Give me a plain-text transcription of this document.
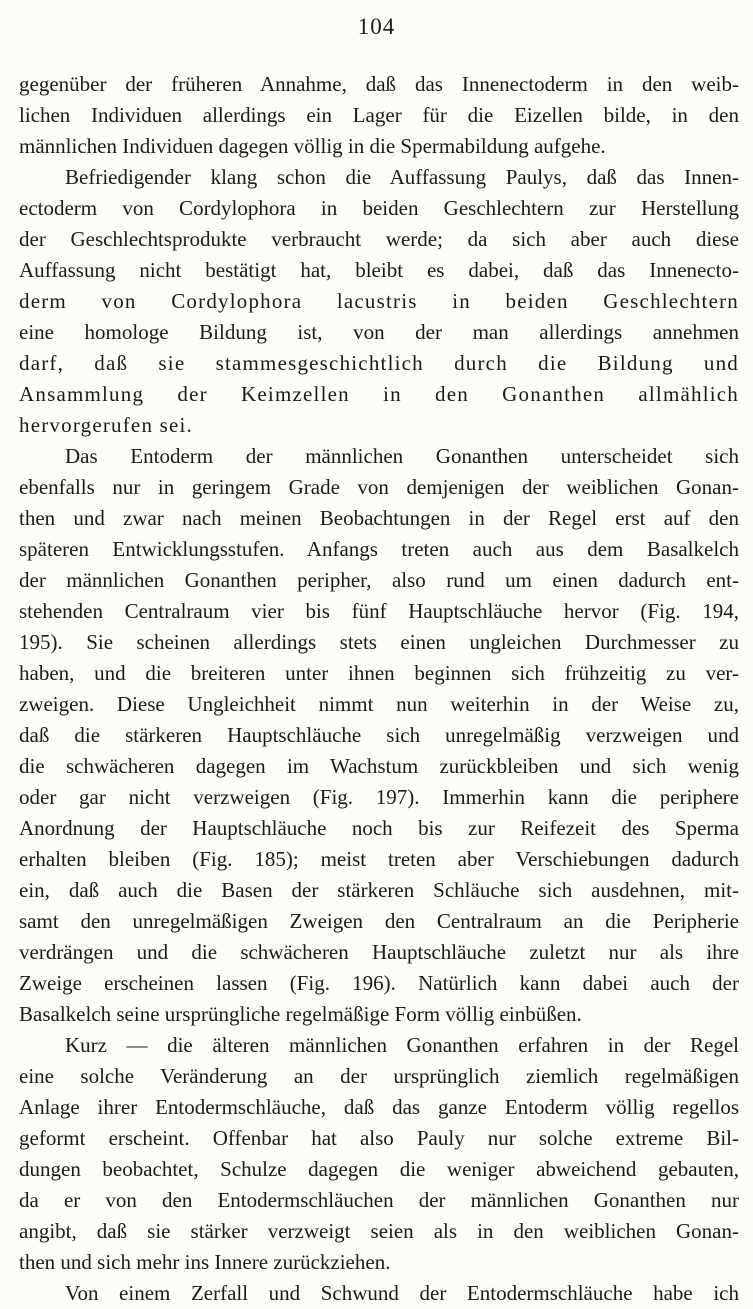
104
gegenüber der früheren Annahme, daß das Innenectoderm in den weib-
lichen Individuen allerdings ein Lager für die Eizellen bilde, in den
männlichen Individuen dagegen völlig in die Spermabildung aufgehe.
Befriedigender klang schon die Auffassung Paulys, daß das Innen-
ectoderm von Cordylophora in beiden Geschlechtern zur Herstellung
der Geschlechtsprodukte verbraucht werde; da sich aber auch diese
Auffassung nicht bestätigt hat, bleibt es dabei, daß das Innenecto-
derm von Cordylophora lacustris in beiden Geschlechtern
eine homologe Bildung ist, von der man allerdings annehmen
darf, daß sie stammesgeschichtlich durch die Bildung und
Ansammlung der Keimzellen in den Gonanthen allmählich
hervorgerufen sei.
Das Entoderm der männlichen Gonanthen unterscheidet sich
ebenfalls nur in geringem Grade von demjenigen der weiblichen Gonan-
then und zwar nach meinen Beobachtungen in der Regel erst auf den
späteren Entwicklungsstufen. Anfangs treten auch aus dem Basalkelch
der männlichen Gonanthen peripher, also rund um einen dadurch ent-
stehenden Centralraum vier bis fünf Hauptschläuche hervor (Fig. 194,
195). Sie scheinen allerdings stets einen ungleichen Durchmesser zu
haben, und die breiteren unter ihnen beginnen sich frühzeitig zu ver-
zweigen. Diese Ungleichheit nimmt nun weiterhin in der Weise zu,
daß die stärkeren Hauptschläuche sich unregelmäßig verzweigen und
die schwächeren dagegen im Wachstum zurückbleiben und sich wenig
oder gar nicht verzweigen (Fig. 197). Immerhin kann die periphere
Anordnung der Hauptschläuche noch bis zur Reifezeit des Sperma
erhalten bleiben (Fig. 185); meist treten aber Verschiebungen dadurch
ein, daß auch die Basen der stärkeren Schläuche sich ausdehnen, mit-
samt den unregelmäßigen Zweigen den Centralraum an die Peripherie
verdrängen und die schwächeren Hauptschläuche zuletzt nur als ihre
Zweige erscheinen lassen (Fig. 196). Natürlich kann dabei auch der
Basalkelch seine ursprüngliche regelmäßige Form völlig einbüßen.
Kurz — die älteren männlichen Gonanthen erfahren in der Regel
eine solche Veränderung an der ursprünglich ziemlich regelmäßigen
Anlage ihrer Entodermschläuche, daß das ganze Entoderm völlig regellos
geformt erscheint. Offenbar hat also Pauly nur solche extreme Bil-
dungen beobachtet, Schulze dagegen die weniger abweichend gebauten,
da er von den Entodermschläuchen der männlichen Gonanthen nur
angibt, daß sie stärker verzweigt seien als in den weiblichen Gonan-
then und sich mehr ins Innere zurückziehen.
Von einem Zerfall und Schwund der Entodermschläuche habe ich
